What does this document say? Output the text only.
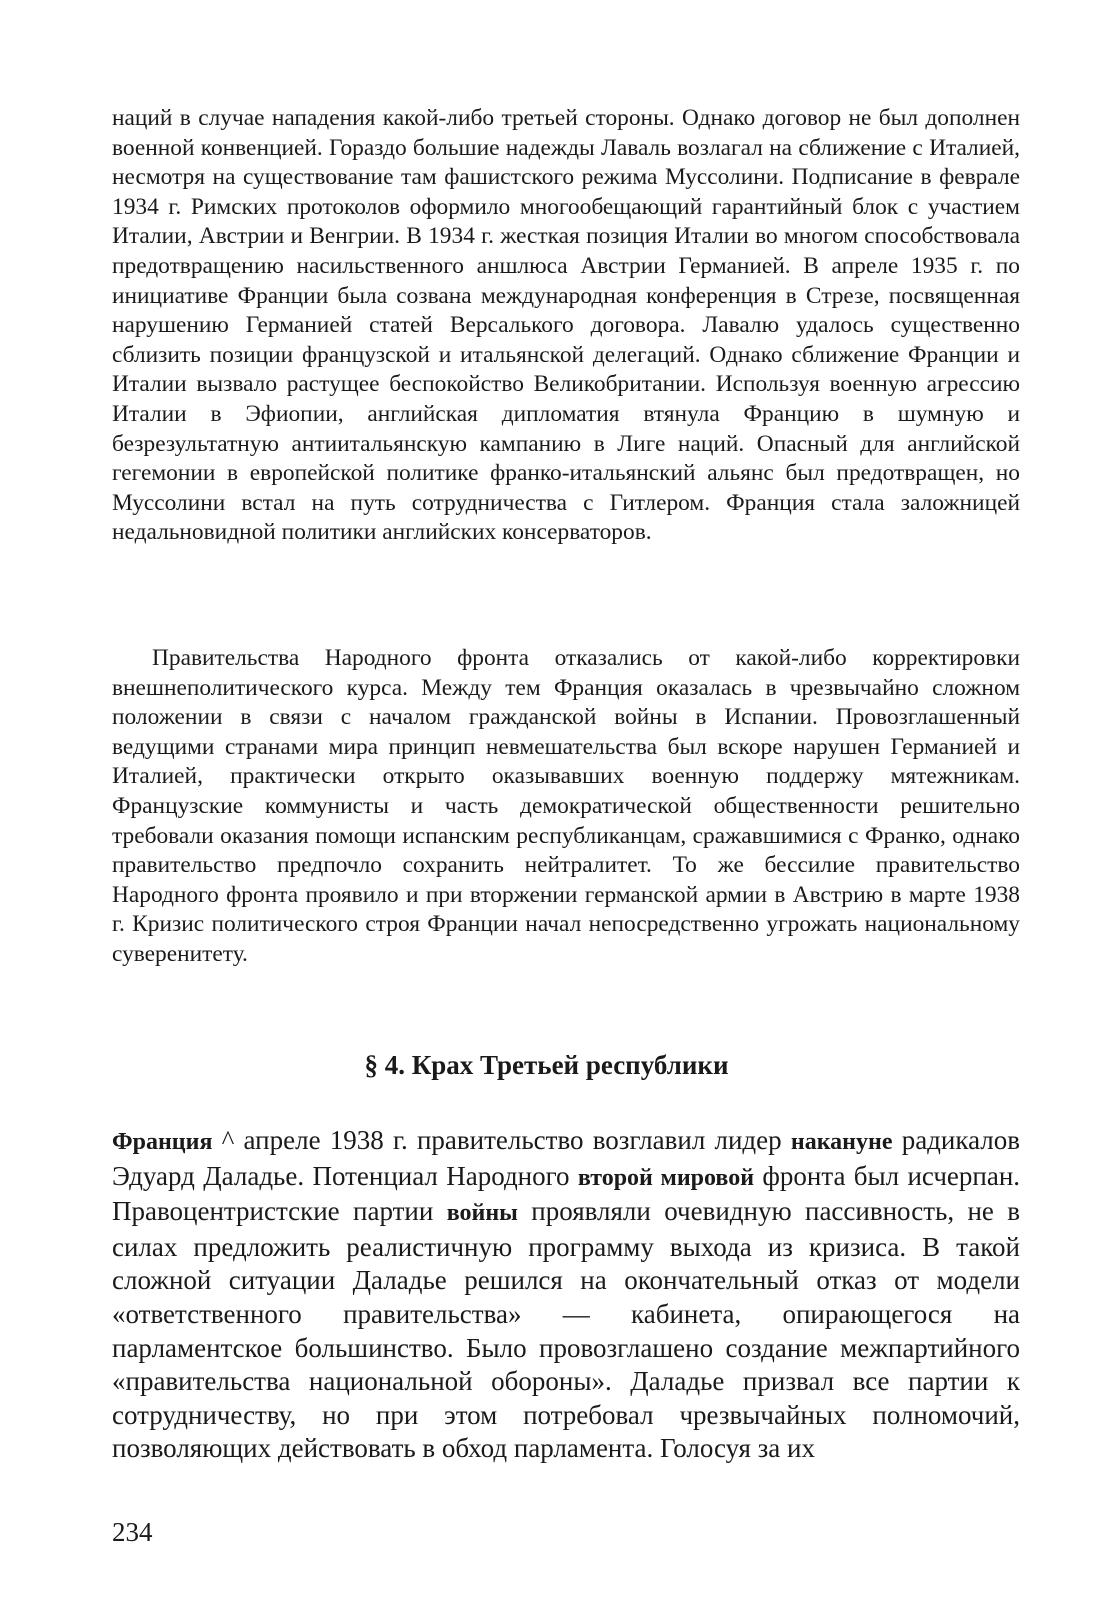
наций в случае нападения какой-либо третьей стороны. Однако договор не был дополнен военной конвенцией. Гораздо большие надежды Лаваль возлагал на сближение с Италией, несмотря на существование там фашистского режима Муссолини. Подписание в феврале 1934 г. Римских протоколов оформило многообещающий гарантийный блок с участием Италии, Австрии и Венгрии. В 1934 г. жесткая позиция Италии во многом способствовала предотвращению насильственного аншлюса Австрии Германией. В апреле 1935 г. по инициативе Франции была созвана международная конференция в Стрезе, посвященная нарушению Германией статей Версалького договора. Лавалю удалось существенно сблизить позиции французской и итальянской делегаций. Однако сближение Франции и Италии вызвало растущее беспокойство Великобритании. Используя военную агрессию Италии в Эфиопии, английская дипломатия втянула Францию в шумную и безрезультатную антиитальянскую кампанию в Лиге наций. Опасный для английской гегемонии в европейской политике франко-итальянский альянс был предотвращен, но Муссолини встал на путь сотрудничества с Гитлером. Франция стала заложницей недальновидной политики английских консерваторов.
Правительства Народного фронта отказались от какой-либо корректировки внешнеполитического курса. Между тем Франция оказалась в чрезвычайно сложном положении в связи с началом гражданской войны в Испании. Провозглашенный ведущими странами мира принцип невмешательства был вскоре нарушен Германией и Италией, практически открыто оказывавших военную поддержу мятежникам. Французские коммунисты и часть демократической общественности решительно требовали оказания помощи испанским республиканцам, сражавшимися с Франко, однако правительство предпочло сохранить нейтралитет. То же бессилие правительство Народного фронта проявило и при вторжении германской армии в Австрию в марте 1938 г. Кризис политического строя Франции начал непосредственно угрожать национальному суверенитету.
§ 4. Крах Третьей республики
Франция ^ апреле 1938 г. правительство возглавил лидер накануне радикалов Эдуард Даладье. Потенциал Народного второй мировой фронта был исчерпан. Правоцентристские партии войны проявляли очевидную пассивность, не в силах предложить реалистичную программу выхода из кризиса. В такой сложной ситуации Даладье решился на окончательный отказ от модели «ответственного правительства» — кабинета, опирающегося на парламентское большинство. Было провозглашено создание межпартийного «правительства национальной обороны». Даладье призвал все партии к сотрудничеству, но при этом потребовал чрезвычайных полномочий, позволяющих действовать в обход парламента. Голосуя за их
234
